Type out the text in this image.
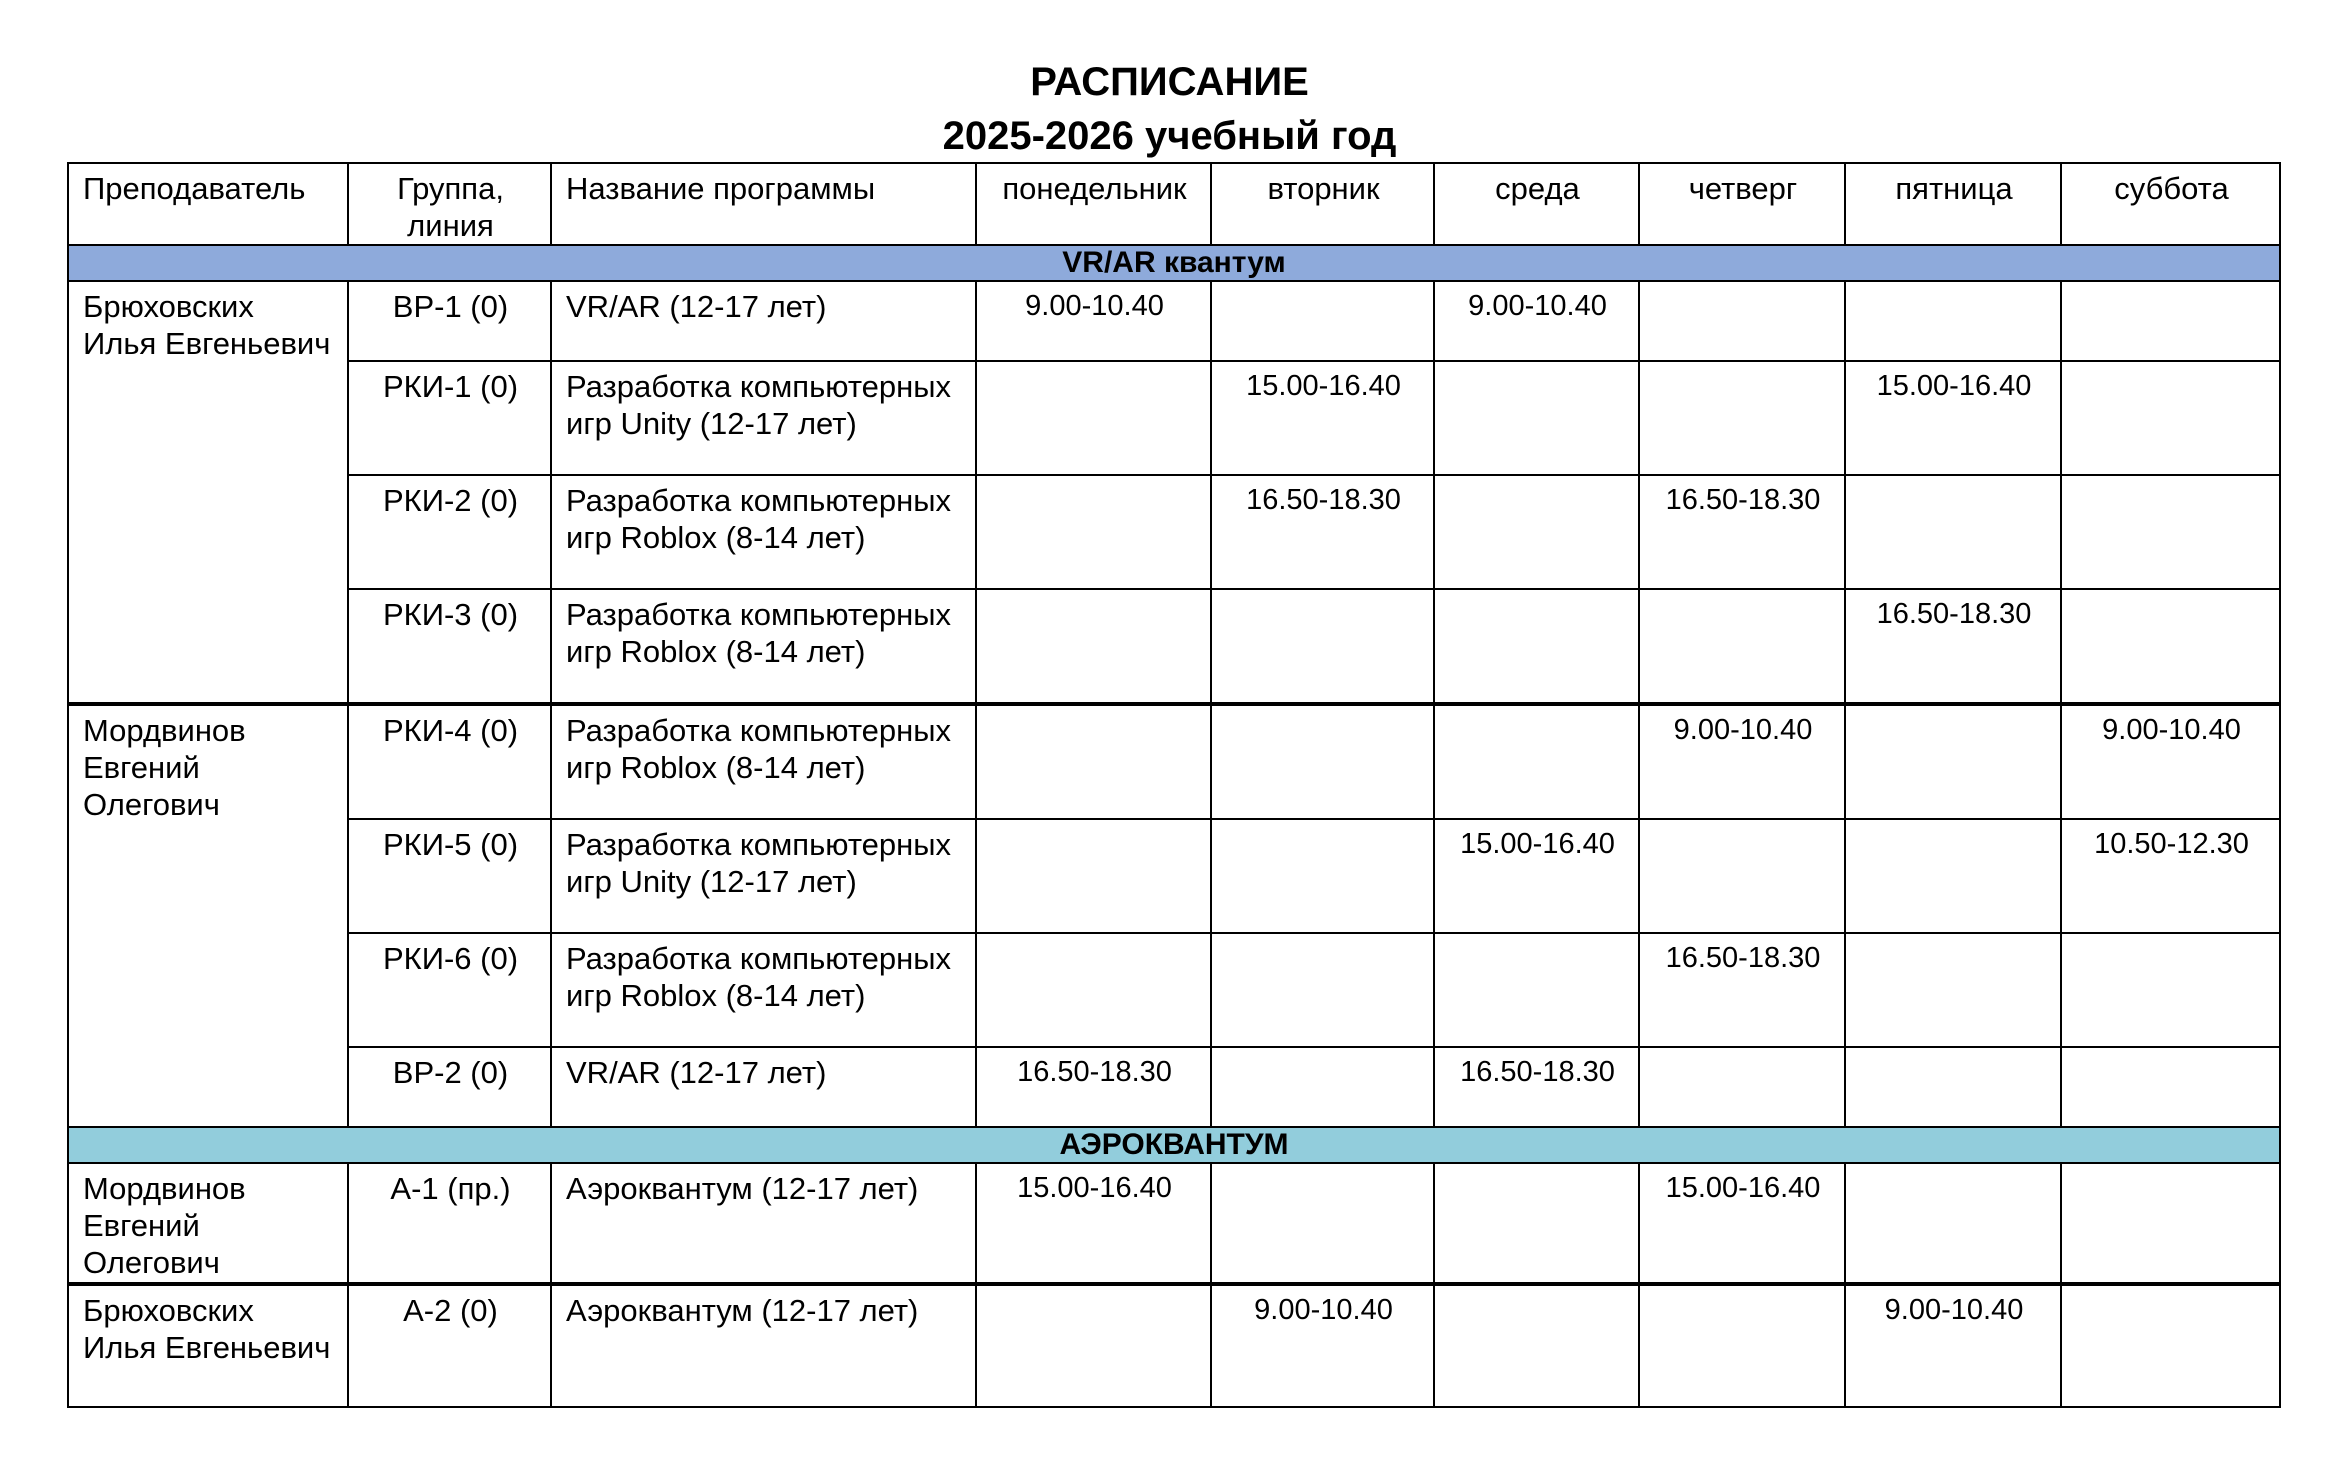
РАСПИСАНИЕ
2025-2026 учебный год
Преподаватель	Группа, линия	Название программы	понедельник	вторник	среда	четверг	пятница	суббота
VR/AR квантум								
Брюховских Илья Евгеньевич	ВР-1 (0)	VR/AR (12-17 лет)	9.00-10.40		9.00-10.40			
	РКИ-1 (0)	Разработка компьютерных игр Unity (12-17 лет)		15.00-16.40			15.00-16.40	
	РКИ-2 (0)	Разработка компьютерных игр Roblox (8-14 лет)		16.50-18.30		16.50-18.30		
	РКИ-3 (0)	Разработка компьютерных игр Roblox (8-14 лет)					16.50-18.30	
Мордвинов Евгений Олегович	РКИ-4 (0)	Разработка компьютерных игр Roblox (8-14 лет)				9.00-10.40		9.00-10.40
	РКИ-5 (0)	Разработка компьютерных игр Unity (12-17 лет)			15.00-16.40			10.50-12.30
	РКИ-6 (0)	Разработка компьютерных игр Roblox (8-14 лет)				16.50-18.30		
	ВР-2 (0)	VR/AR (12-17 лет)	16.50-18.30		16.50-18.30			
АЭРОКВАНТУМ								
Мордвинов Евгений Олегович	А-1 (пр.)	Аэроквантум (12-17 лет)	15.00-16.40			15.00-16.40		
Брюховских Илья Евгеньевич	А-2 (0)	Аэроквантум (12-17 лет)		9.00-10.40			9.00-10.40	
